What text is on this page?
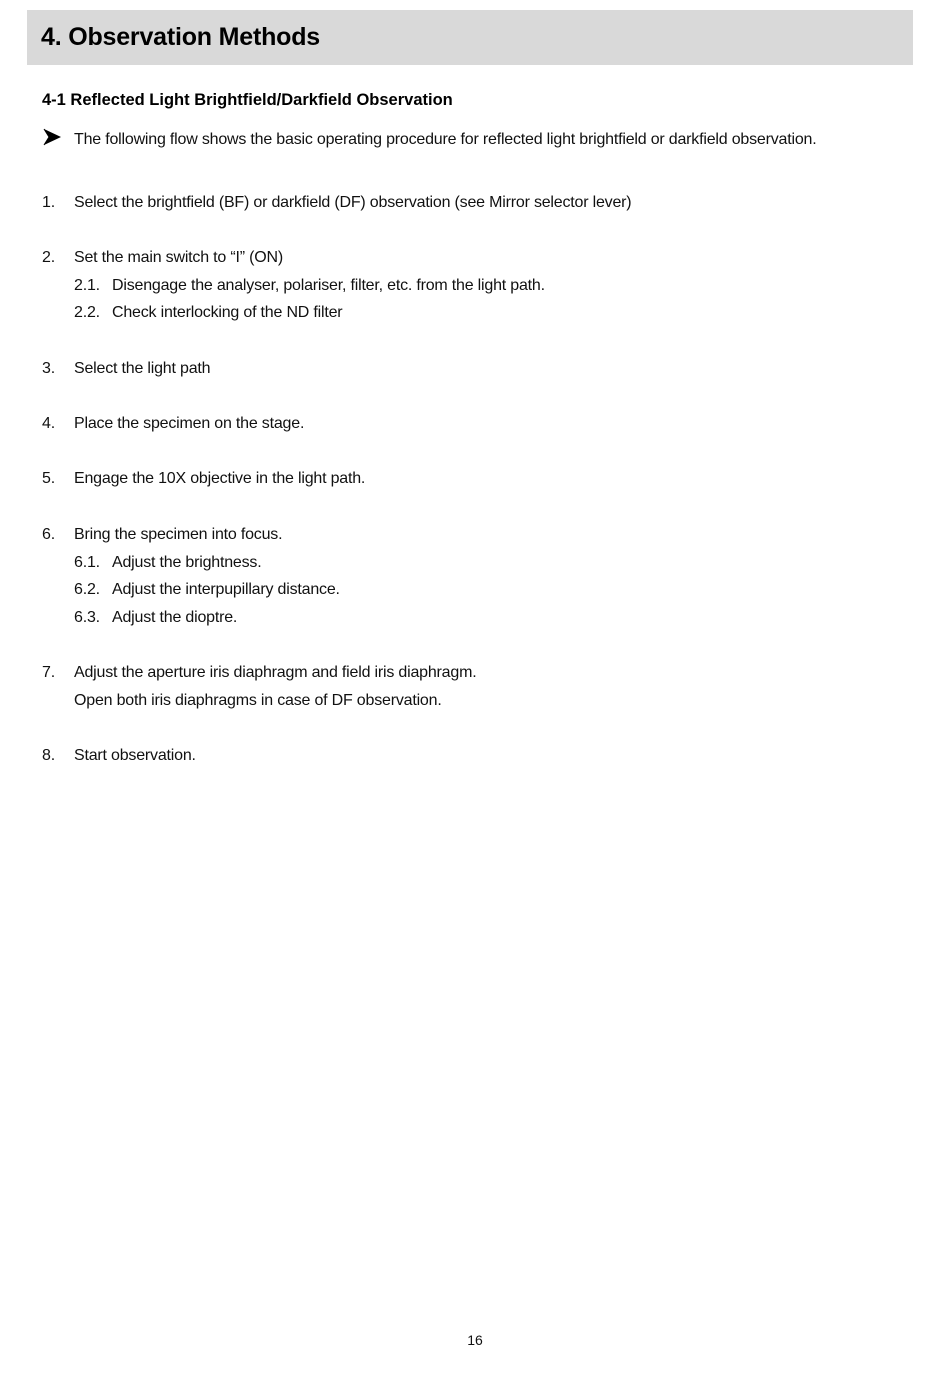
4. Observation Methods
4-1 Reflected Light Brightfield/Darkfield Observation
The following flow shows the basic operating procedure for reflected light brightfield or darkfield observation.
1. Select the brightfield (BF) or darkfield (DF) observation (see Mirror selector lever)
2. Set the main switch to “I” (ON)
2.1. Disengage the analyser, polariser, filter, etc. from the light path.
2.2. Check interlocking of the ND filter
3. Select the light path
4. Place the specimen on the stage.
5. Engage the 10X objective in the light path.
6. Bring the specimen into focus.
6.1. Adjust the brightness.
6.2. Adjust the interpupillary distance.
6.3. Adjust the dioptre.
7. Adjust the aperture iris diaphragm and field iris diaphragm.
Open both iris diaphragms in case of DF observation.
8. Start observation.
16
